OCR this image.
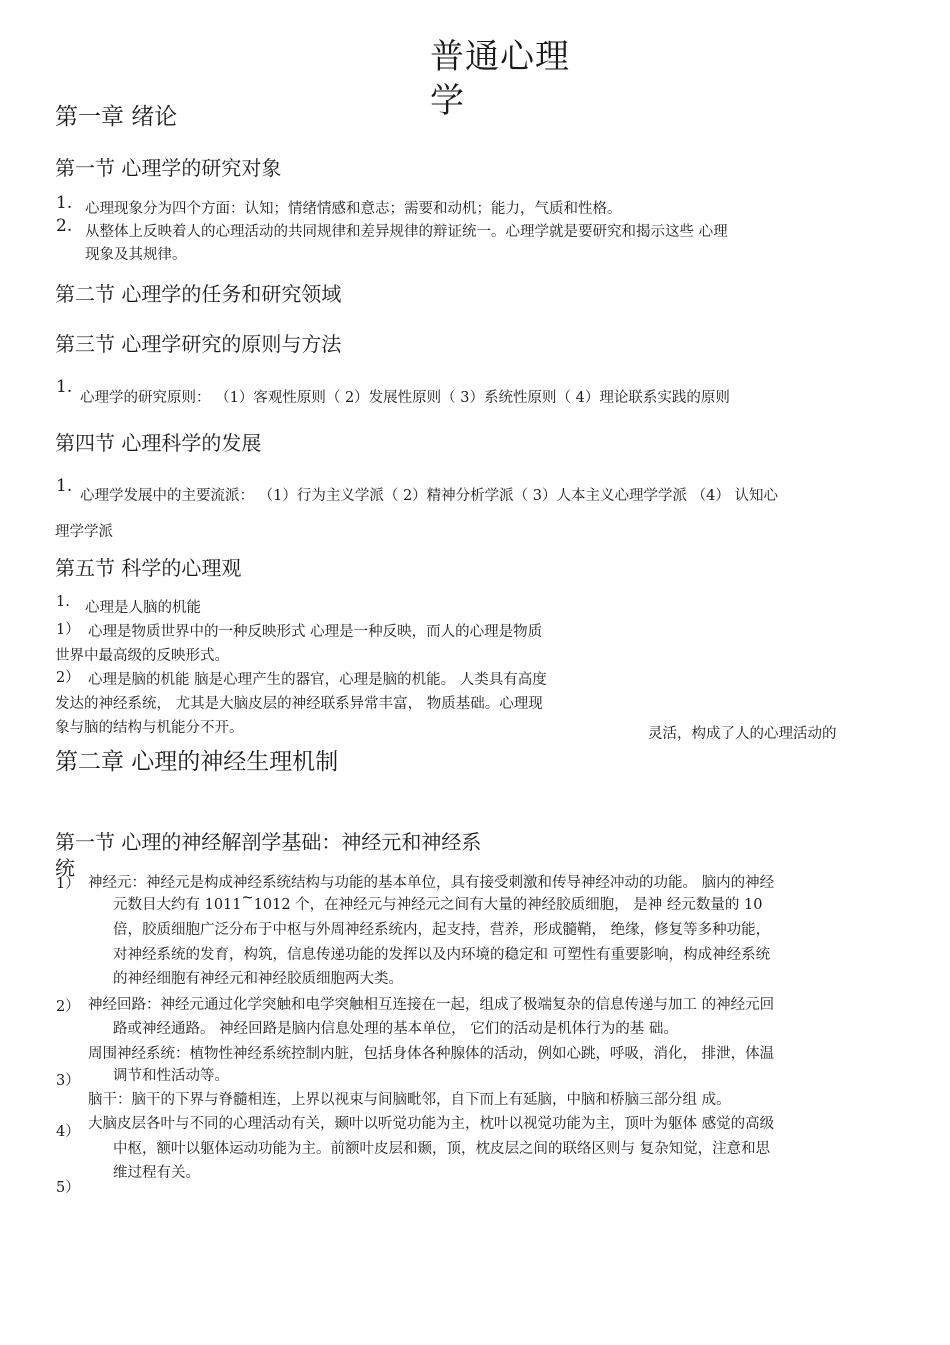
普通心理
学
第一章 绪论
第一节 心理学的研究对象
1. 心理现象分为四个方面：认知；情绪情感和意志；需要和动机；能力，气质和性格。
2. 从整体上反映着人的心理活动的共同规律和差异规律的辩证统一。心理学就是要研究和揭示这些 心理
现象及其规律。
第二节 心理学的任务和研究领域
第三节 心理学研究的原则与方法
1.
心理学的研究原则： （1）客观性原则（ 2）发展性原则（ 3）系统性原则（ 4）理论联系实践的原则
第四节 心理科学的发展
1. 心理学发展中的主要流派： （1）行为主义学派（ 2）精神分析学派（ 3）人本主义心理学学派 （4） 认知心
理学学派
第五节 科学的心理观
1. 心理是人脑的机能
1） 心理是物质世界中的一种反映形式 心理是一种反映，而人的心理是物质
世界中最高级的反映形式。
2） 心理是脑的机能 脑是心理产生的器官，心理是脑的机能。 人类具有高度
发达的神经系统， 尤其是大脑皮层的神经联系异常丰富， 物质基础。心理现
象与脑的结构与机能分不开。	灵活，构成了人的心理活动的
第二章 心理的神经生理机制
第一节 心理的神经解剖学基础：神经元和神经系
统
1） 神经元：神经元是构成神经系统结构与功能的基本单位，具有接受刺激和传导神经冲动的功能。 脑内的神经
元数目大约有 1011~1012 个，在神经元与神经元之间有大量的神经胶质细胞， 是神 经元数量的 10
倍，胶质细胞广泛分布于中枢与外周神经系统内，起支持，营养，形成髓鞘， 绝缘，修复等多种功能，
对神经系统的发育，构筑，信息传递功能的发挥以及内环境的稳定和 可塑性有重要影响，构成神经系统
的神经细胞有神经元和神经胶质细胞两大类。
2） 神经回路：神经元通过化学突触和电学突触相互连接在一起，组成了极端复杂的信息传递与加工 的神经元回
路或神经通路。 神经回路是脑内信息处理的基本单位， 它们的活动是机体行为的基 础。
周围神经系统：植物性神经系统控制内脏，包括身体各种腺体的活动，例如心跳，呼吸，消化， 排泄，体温
3） 调节和性活动等。
脑干：脑干的下界与脊髓相连，上界以视束与间脑毗邻，自下而上有延脑，中脑和桥脑三部分组 成。
4） 大脑皮层各叶与不同的心理活动有关，颞叶以听觉功能为主，枕叶以视觉功能为主，顶叶为躯体 感觉的高级
中枢，额叶以躯体运动功能为主。前额叶皮层和颞，顶，枕皮层之间的联络区则与 复杂知觉，注意和思
维过程有关。
5）
